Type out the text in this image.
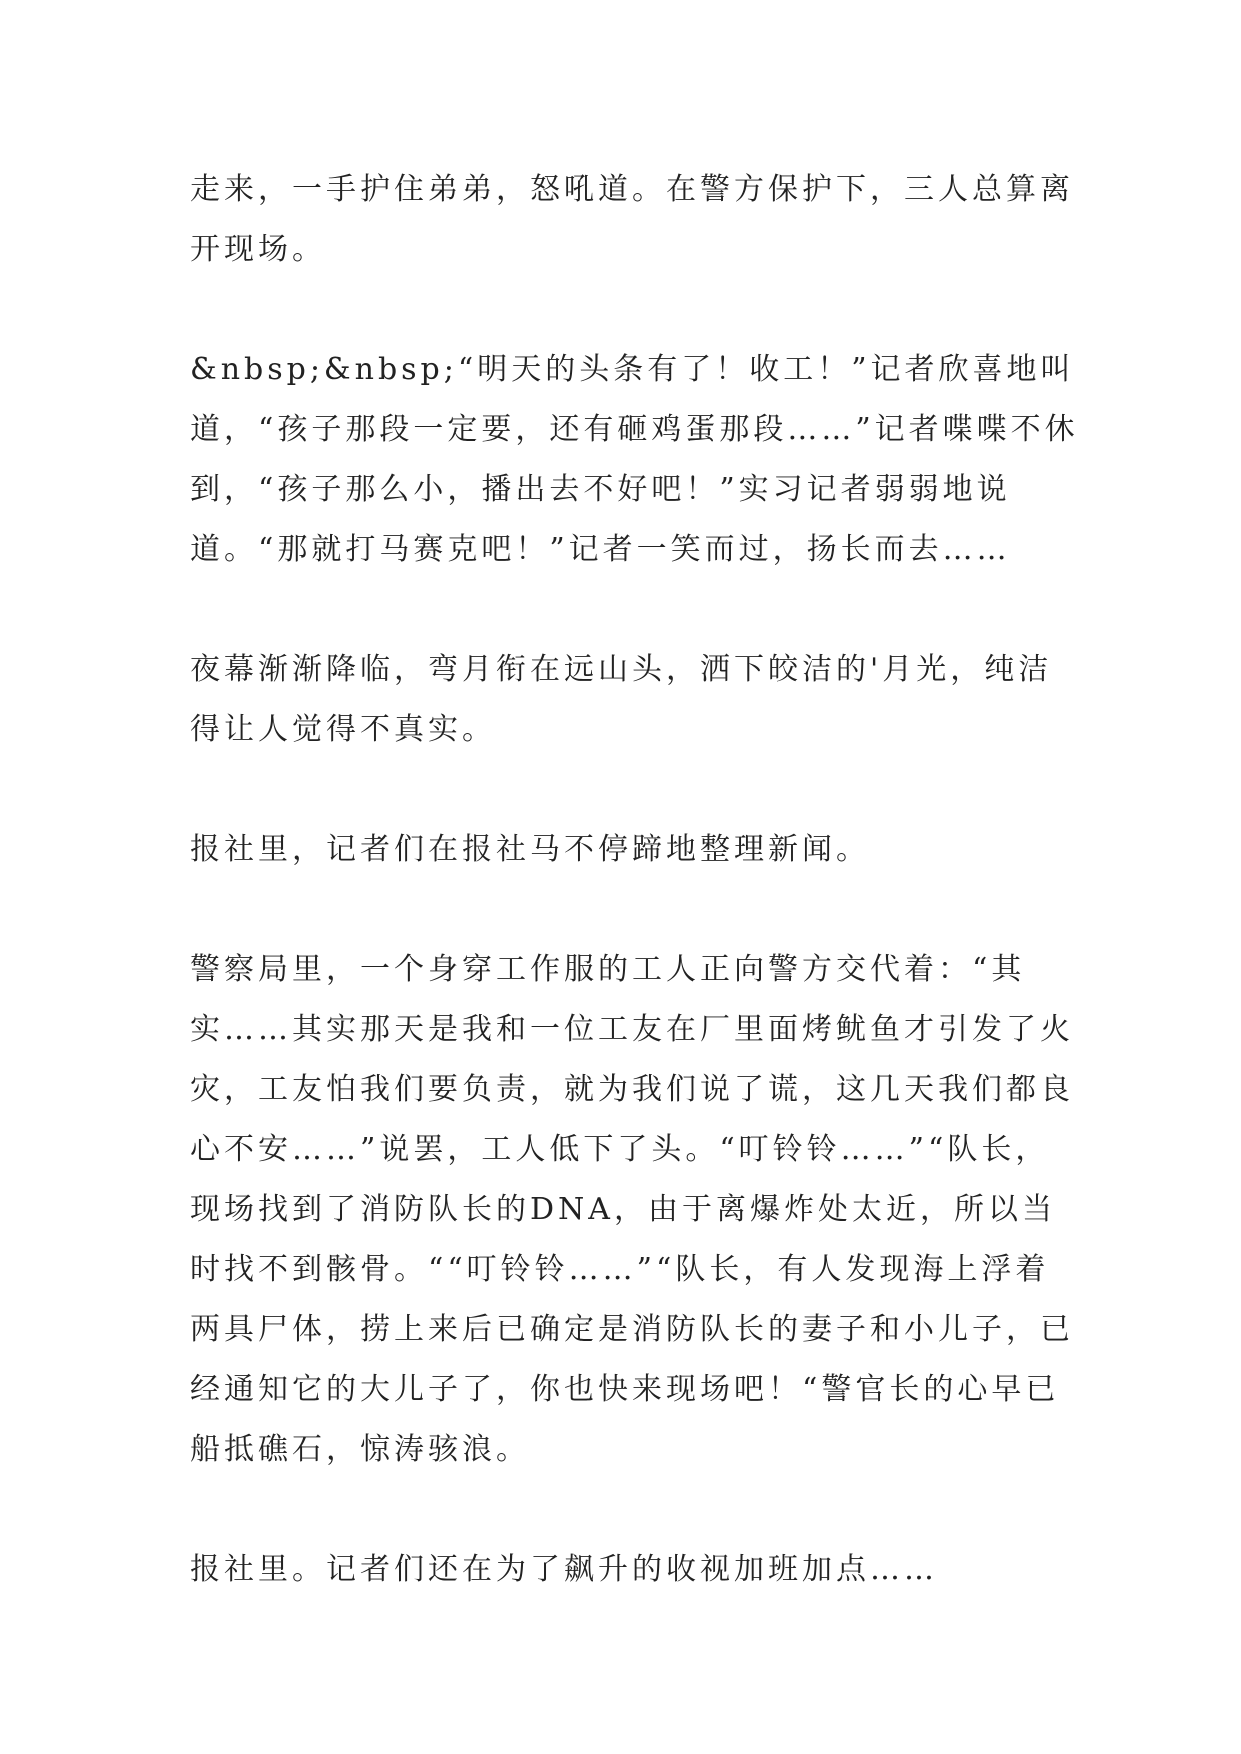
走来，一手护住弟弟，怒吼道。在警方保护下，三人总算离开现场。

&nbsp;&nbsp;“明天的头条有了！收工！”记者欣喜地叫道，“孩子那段一定要，还有砸鸡蛋那段……”记者喋喋不休到，“孩子那么小，播出去不好吧！”实习记者弱弱地说道。“那就打马赛克吧！”记者一笑而过，扬长而去……

夜幕渐渐降临，弯月衔在远山头，洒下皎洁的'月光，纯洁得让人觉得不真实。

报社里，记者们在报社马不停蹄地整理新闻。

警察局里，一个身穿工作服的工人正向警方交代着：“其实……其实那天是我和一位工友在厂里面烤鱿鱼才引发了火灾，工友怕我们要负责，就为我们说了谎，这几天我们都良心不安……”说罢，工人低下了头。“叮铃铃……”“队长，现场找到了消防队长的DNA，由于离爆炸处太近，所以当时找不到骸骨。““叮铃铃……”“队长，有人发现海上浮着两具尸体，捞上来后已确定是消防队长的妻子和小儿子，已经通知它的大儿子了，你也快来现场吧！“警官长的心早已船抵礁石，惊涛骇浪。

报社里。记者们还在为了飙升的收视加班加点……
